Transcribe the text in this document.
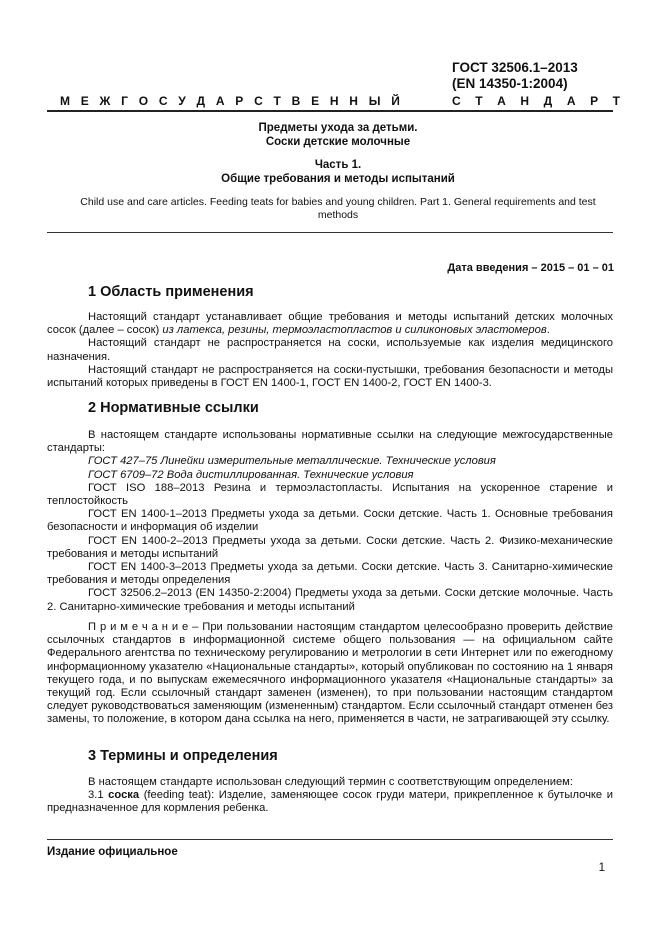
ГОСТ 32506.1–2013
(EN 14350-1:2004)
М Е Ж Г О С У Д А Р С Т В Е Н Н Ы Й	С Т А Н Д А Р Т
Предметы ухода за детьми.
Соски детские молочные
Часть 1.
Общие требования и методы испытаний
Child use and care articles. Feeding teats for babies and young children. Part 1. General requirements and test methods
Дата введения – 2015 – 01 – 01
1 Область применения

Настоящий стандарт устанавливает общие требования и методы испытаний детских молочных сосок (далее – сосок) из латекса, резины, термоэластопластов и силиконовых эластомеров.

Настоящий стандарт не распространяется на соски, используемые как изделия медицинского назначения.

Настоящий стандарт не распространяется на соски-пустышки, требования безопасности и методы испытаний которых приведены в ГОСТ EN 1400-1, ГОСТ EN 1400-2, ГОСТ EN 1400-3.

2 Нормативные ссылки

В настоящем стандарте использованы нормативные ссылки на следующие межгосударственные стандарты:

ГОСТ 427–75 Линейки измерительные металлические. Технические условия

ГОСТ 6709–72 Вода дистиллированная. Технические условия

ГОСТ ISO 188–2013 Резина и термоэластопласты. Испытания на ускоренное старение и теплостойкость

ГОСТ EN 1400-1–2013 Предметы ухода за детьми. Соски детские. Часть 1. Основные требования безопасности и информация об изделии

ГОСТ EN 1400-2–2013 Предметы ухода за детьми. Соски детские. Часть 2. Физико-механические требования и методы испытаний

ГОСТ EN 1400-3–2013 Предметы ухода за детьми. Соски детские. Часть 3. Санитарно-химические требования и методы определения

ГОСТ 32506.2–2013 (EN 14350-2:2004) Предметы ухода за детьми. Соски детские молочные. Часть 2. Санитарно-химические требования и методы испытаний

П р и м е ч а н и е – При пользовании настоящим стандартом целесообразно проверить действие ссылочных стандартов в информационной системе общего пользования — на официальном сайте Федерального агентства по техническому регулированию и метрологии в сети Интернет или по ежегодному информационному указателю «Национальные стандарты», который опубликован по состоянию на 1 января текущего года, и по выпускам ежемесячного информационного указателя «Национальные стандарты» за текущий год. Если ссылочный стандарт заменен (изменен), то при пользовании настоящим стандартом следует руководствоваться заменяющим (измененным) стандартом. Если ссылочный стандарт отменен без замены, то положение, в котором дана ссылка на него, применяется в части, не затрагивающей эту ссылку.

3 Термины и определения

В настоящем стандарте использован следующий термин с соответствующим определением:

3.1 соска (feeding teat): Изделие, заменяющее сосок груди матери, прикрепленное к бутылочке и предназначенное для кормления ребенка.

Издание официальное
1
